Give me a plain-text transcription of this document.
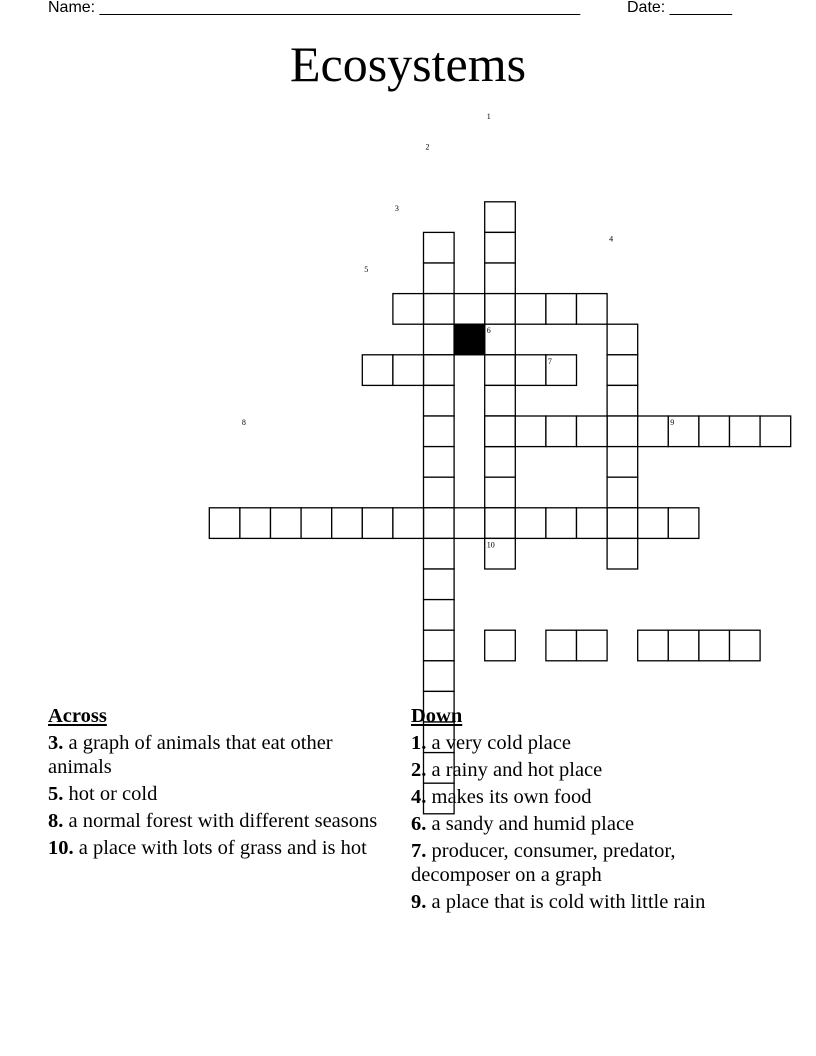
Name: ______________________________________________________	Date: _______
Ecosystems
1
2
3
4
5
6
7
8	9
10
Across
3. a graph of animals that eat other animals
5. hot or cold
8. a normal forest with different seasons
10. a place with lots of grass and is hot
Down
1. a very cold place
2. a rainy and hot place
4. makes its own food
6. a sandy and humid place
7. producer, consumer, predator, decomposer on a graph
9. a place that is cold with little rain
